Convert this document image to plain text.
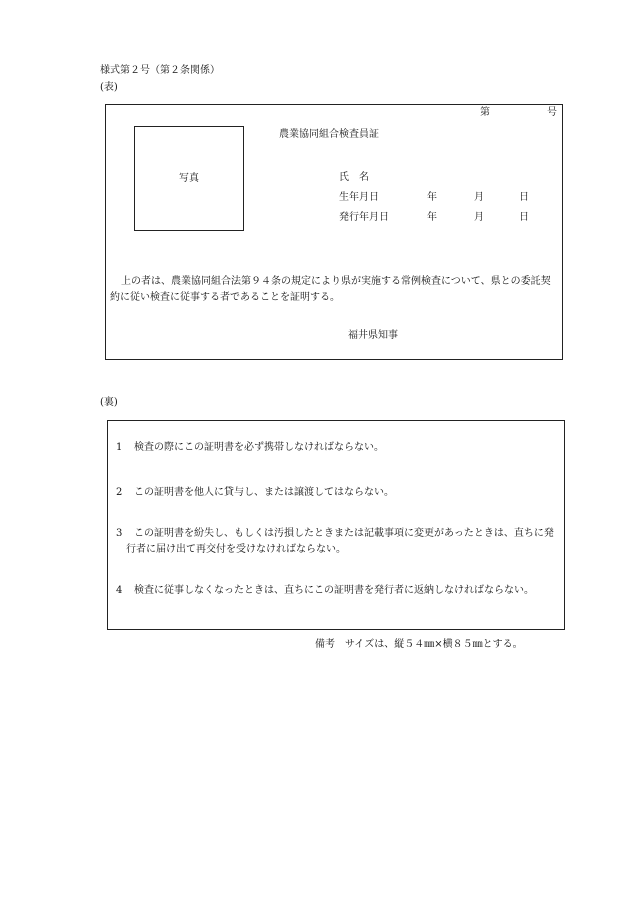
様式第２号（第２条関係）
(表)
第	号
写真
農業協同組合検査員証
氏　名
生年月日	年	月	日
発行年月日	年	月	日
上の者は、農業協同組合法第９４条の規定により県が実施する常例検査について、県との委託契約に従い検査に従事する者であることを証明する。
福井県知事
(裏)
1 検査の際にこの証明書を必ず携帯しなければならない。
2 この証明書を他人に貸与し、または譲渡してはならない。
3	この証明書を紛失し、もしくは汚損したときまたは記載事項に変更があったときは、直ちに発行者に届け出て再交付を受けなければならない。
4	検査に従事しなくなったときは、直ちにこの証明書を発行者に返納しなければならない。
備考　サイズは、縦５４㎜×横８５㎜とする。
